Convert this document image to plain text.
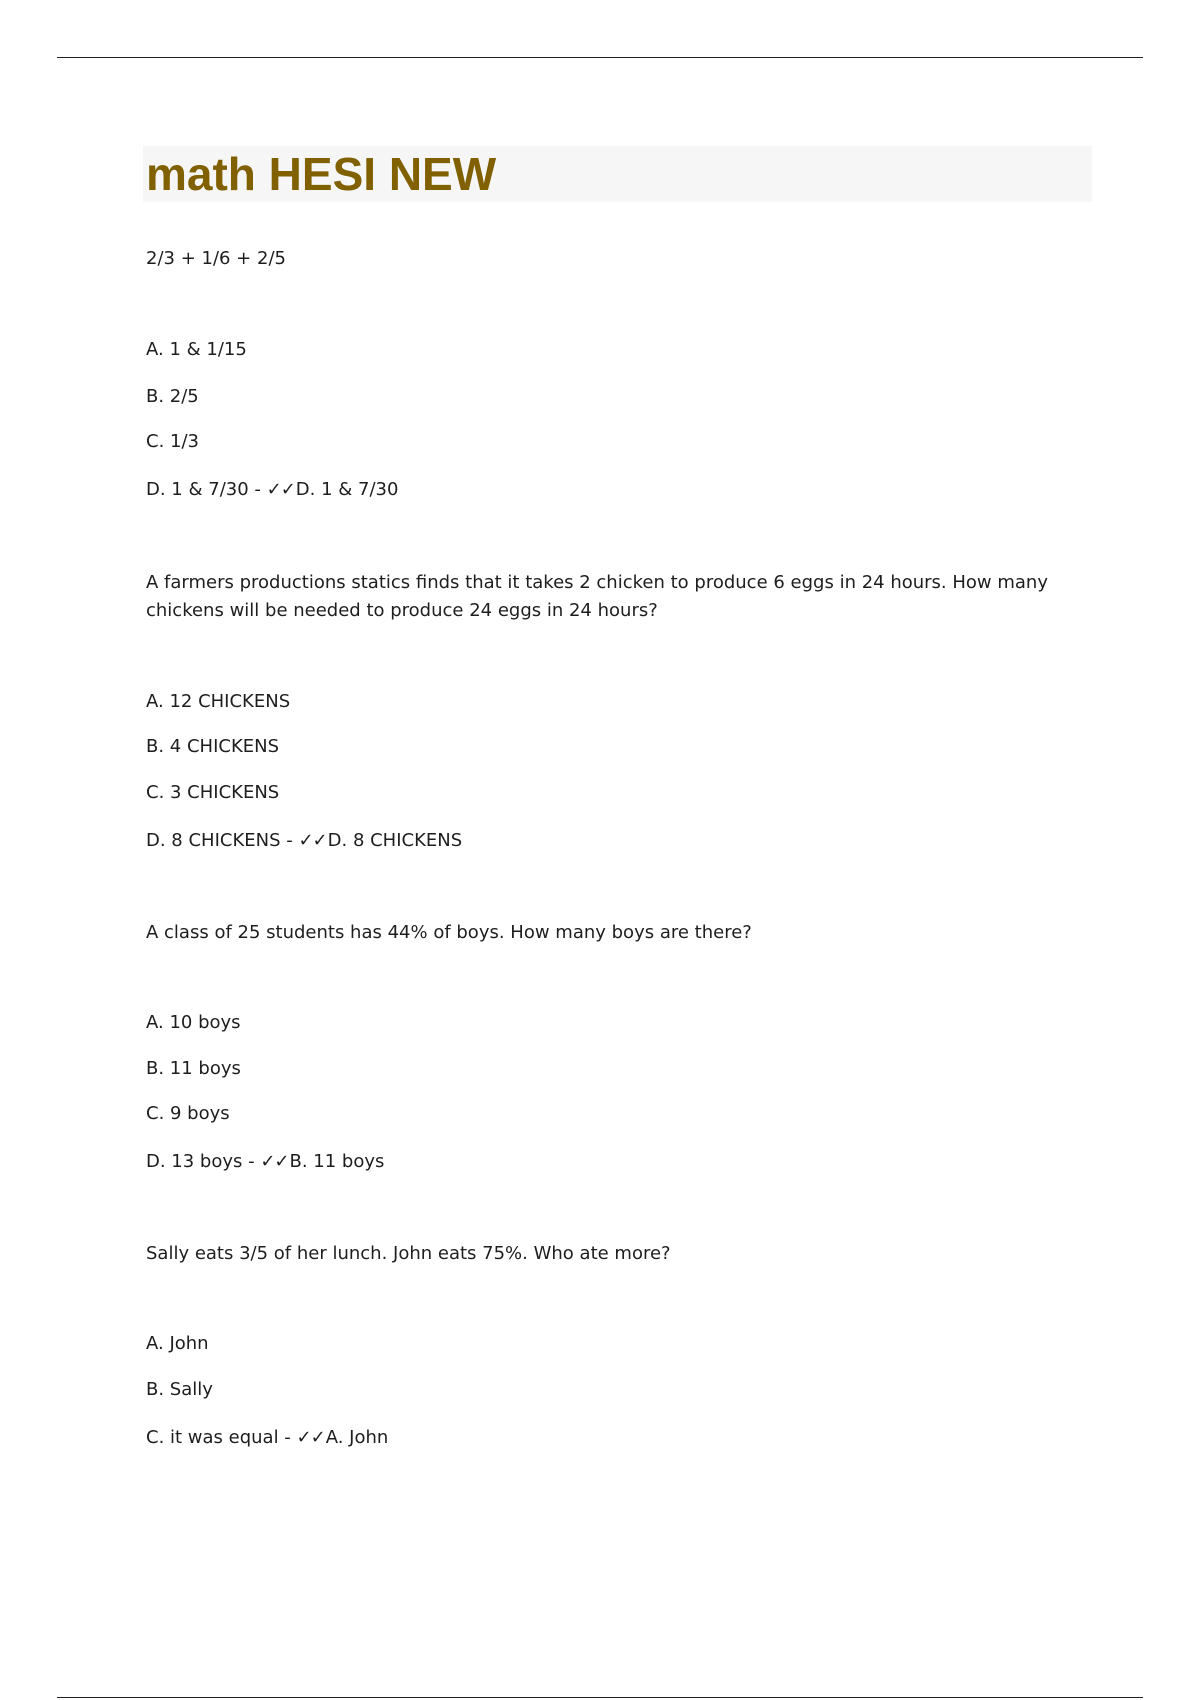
math HESI NEW

2/3 + 1/6 + 2/5

A. 1 & 1/15

B. 2/5

C. 1/3

D. 1 & 7/30 - ✓✓D. 1 & 7/30

A farmers productions statics finds that it takes 2 chicken to produce 6 eggs in 24 hours. How many chickens will be needed to produce 24 eggs in 24 hours?

A. 12 CHICKENS

B. 4 CHICKENS

C. 3 CHICKENS

D. 8 CHICKENS - ✓✓D. 8 CHICKENS

A class of 25 students has 44% of boys. How many boys are there?

A. 10 boys

B. 11 boys

C. 9 boys

D. 13 boys - ✓✓B. 11 boys

Sally eats 3/5 of her lunch. John eats 75%. Who ate more?

A. John

B. Sally

C. it was equal - ✓✓A. John
